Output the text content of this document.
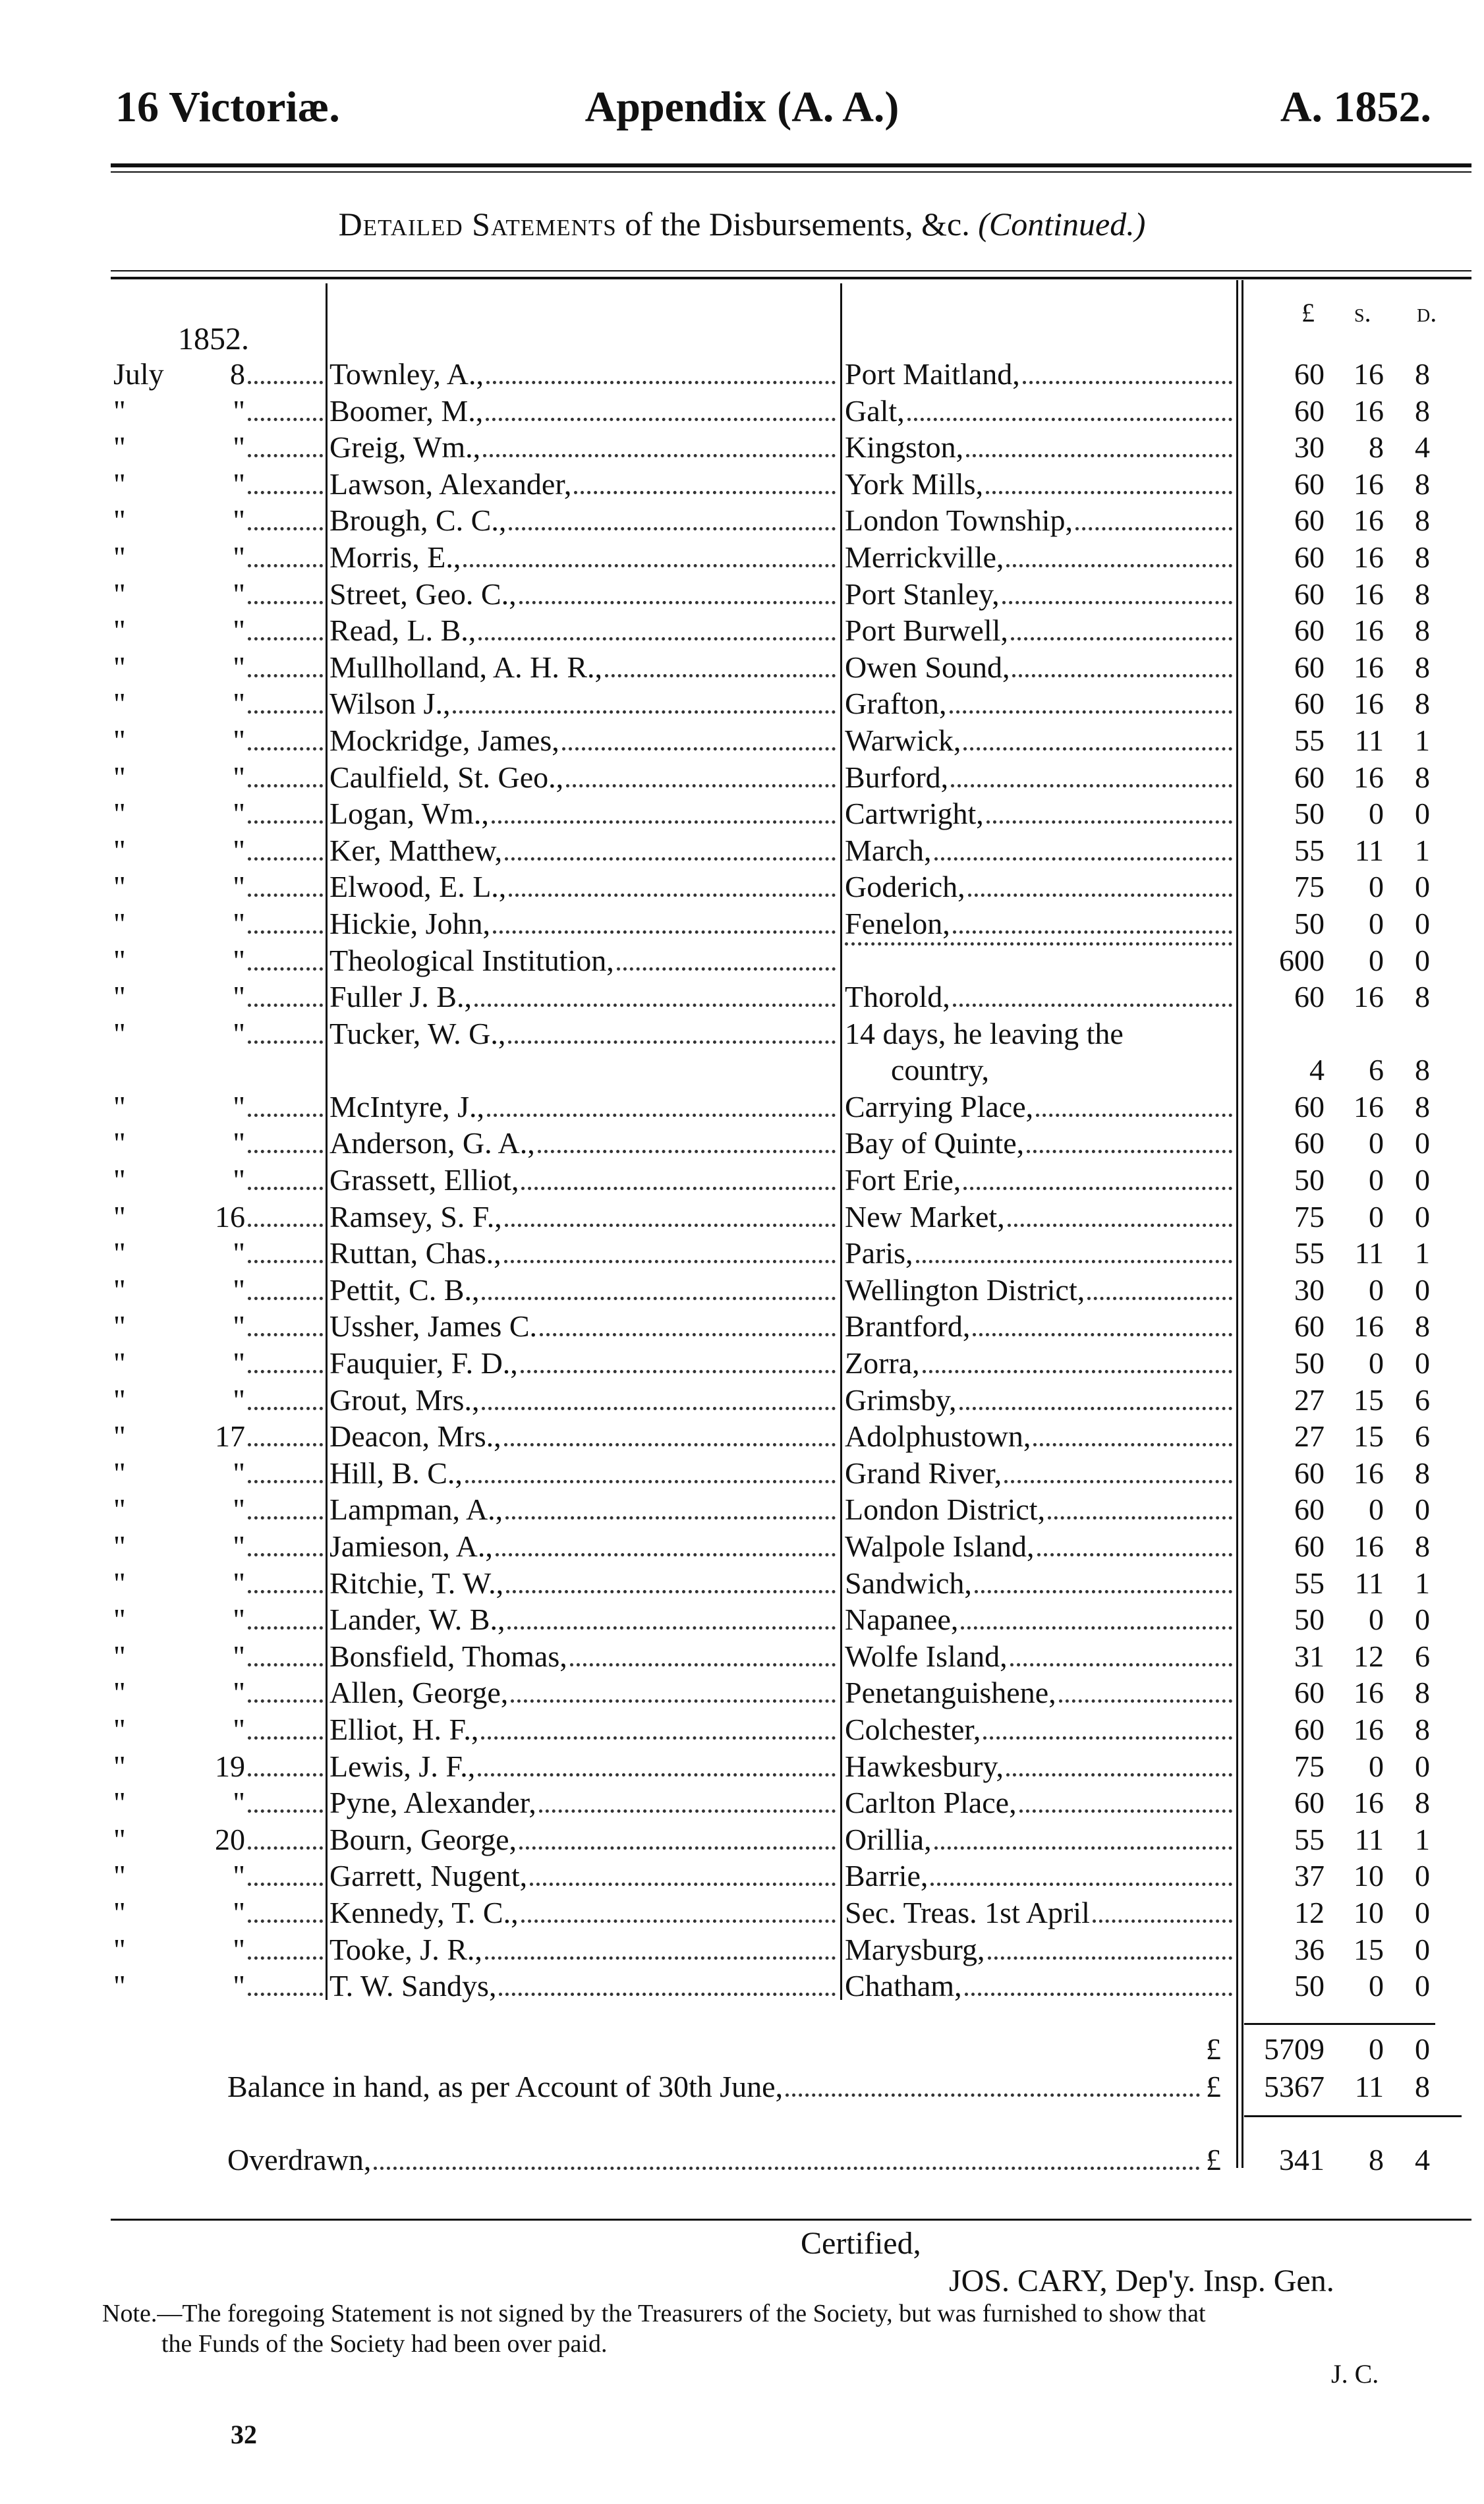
16 Victoriæ.	Appendix (A. A.)	A. 1852.
Detailed Satements of the Disbursements, &c. (Continued.)
£ s. d.
1852.
July	8	Townley, A.,	Port Maitland,	60 16	8
"	"	Boomer, M.,	Galt,	60 16	8
"	"	Greig, Wm.,	Kingston,	30	8	4
"	"	Lawson, Alexander,	York Mills,	60 16	8
"	"	Brough, C. C.,	London Township,	60 16	8
"	"	Morris, E.,	Merrickville,	60 16	8
"	"	Street, Geo. C.,	Port Stanley,	60 16	8
"	"	Read, L. B.,	Port Burwell,	60 16	8
"	"	Mullholland, A. H. R.,	Owen Sound,	60 16	8
"	"	Wilson J.,	Grafton,	60 16	8
"	"	Mockridge, James,	Warwick,	55 11	1
"	"	Caulfield, St. Geo.,	Burford,	60 16	8
"	"	Logan, Wm.,	Cartwright,	50	0	0
"	"	Ker, Matthew,	March,	55 11	1
"	"	Elwood, E. L.,	Goderich,	75	0	0
"	"	Hickie, John,	Fenelon,	50	0	0
"	"	Theological Institution,	600	0	0
"	"	Fuller J. B.,	Thorold,	60 16	8
"	"	Tucker, W. G.,	14 days, he leaving the
country,	4	6	8
"	"	McIntyre, J.,	Carrying Place,	60 16	8
"	"	Anderson, G. A.,	Bay of Quinte,	60	0	0
"	"	Grassett, Elliot,	Fort Erie,	50	0	0
"	16	Ramsey, S. F.,	New Market,	75	0	0
"	"	Ruttan, Chas.,	Paris,	55 11	1
"	"	Pettit, C. B.,	Wellington District,	30	0	0
"	"	Ussher, James C.	Brantford,	60 16	8
"	"	Fauquier, F. D.,	Zorra,	50	0	0
"	"	Grout, Mrs.,	Grimsby,	27 15	6
"	17	Deacon, Mrs.,	Adolphustown,	27 15	6
"	"	Hill, B. C.,	Grand River,	60 16	8
"	"	Lampman, A.,	London District,	60	0	0
"	"	Jamieson, A.,	Walpole Island,	60 16	8
"	"	Ritchie, T. W.,	Sandwich,	55 11	1
"	"	Lander, W. B.,	Napanee,	50	0	0
"	"	Bonsfield, Thomas,	Wolfe Island,	31 12	6
"	"	Allen, George,	Penetanguishene,	60 16	8
"	"	Elliot, H. F.,	Colchester,	60 16	8
"	19	Lewis, J. F.,	Hawkesbury,	75	0	0
"	"	Pyne, Alexander,	Carlton Place,	60 16	8
"	20	Bourn, George,	Orillia,	55 11	1
"	"	Garrett, Nugent,	Barrie,	37 10	0
"	"	Kennedy, T. C.,	Sec. Treas. 1st April	12 10	0
"	"	Tooke, J. R.,	Marysburg,	36 15	0
"	"	T. W. Sandys,	Chatham,	50	0	0
£	5709	0	0
Balance in hand, as per Account of 30th June,	£	5367 11	8
Overdrawn,	£	341	8	4
Certified,
JOS. CARY, Dep'y. Insp. Gen.
Note.—The foregoing Statement is not signed by the Treasurers of the Society, but was furnished to show that
the Funds of the Society had been over paid.
J. C.
32
